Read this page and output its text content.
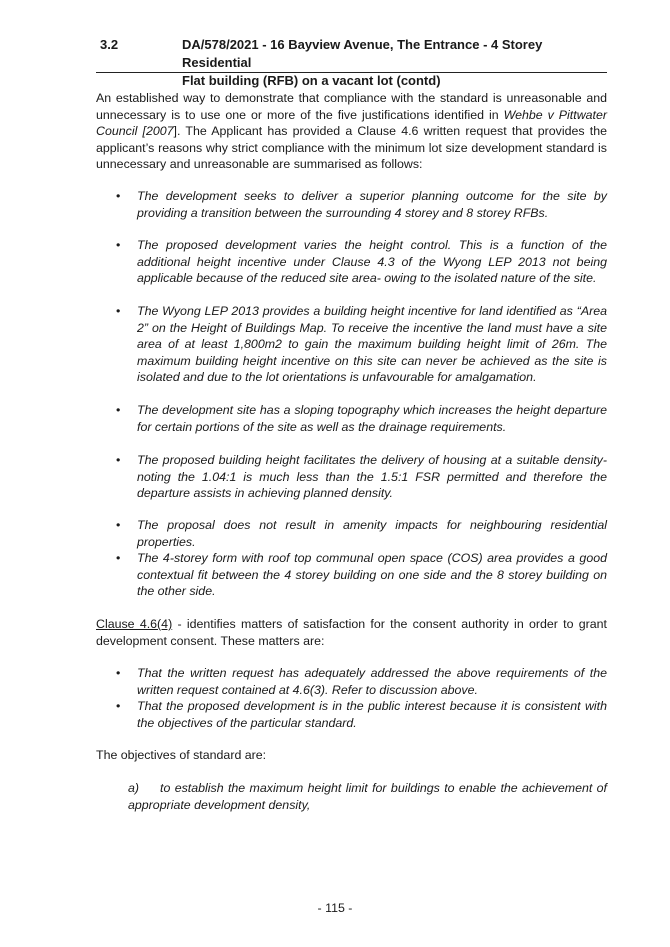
3.2	DA/578/2021 - 16 Bayview Avenue, The Entrance - 4 Storey Residential
Flat building (RFB) on a vacant lot (contd)
An established way to demonstrate that compliance with the standard is unreasonable and unnecessary is to use one or more of the five justifications identified in Wehbe v Pittwater Council [2007]. The Applicant has provided a Clause 4.6 written request that provides the applicant’s reasons why strict compliance with the minimum lot size development standard is unnecessary and unreasonable are summarised as follows:
• The development seeks to deliver a superior planning outcome for the site by providing a transition between the surrounding 4 storey and 8 storey RFBs.
• The proposed development varies the height control. This is a function of the additional height incentive under Clause 4.3 of the Wyong LEP 2013 not being applicable because of the reduced site area- owing to the isolated nature of the site.
• The Wyong LEP 2013 provides a building height incentive for land identified as “Area 2” on the Height of Buildings Map. To receive the incentive the land must have a site area of at least 1,800m2 to gain the maximum building height limit of 26m. The maximum building height incentive on this site can never be achieved as the site is isolated and due to the lot orientations is unfavourable for amalgamation.
• The development site has a sloping topography which increases the height departure for certain portions of the site as well as the drainage requirements.
• The proposed building height facilitates the delivery of housing at a suitable density-noting the 1.04:1 is much less than the 1.5:1 FSR permitted and therefore the departure assists in achieving planned density.
• The proposal does not result in amenity impacts for neighbouring residential properties.
• The 4-storey form with roof top communal open space (COS) area provides a good contextual fit between the 4 storey building on one side and the 8 storey building on the other side.
Clause 4.6(4) - identifies matters of satisfaction for the consent authority in order to grant development consent. These matters are:
• That the written request has adequately addressed the above requirements of the written request contained at 4.6(3). Refer to discussion above.
• That the proposed development is in the public interest because it is consistent with the objectives of the particular standard.
The objectives of standard are:
a) to establish the maximum height limit for buildings to enable the achievement of appropriate development density,
- 115 -
